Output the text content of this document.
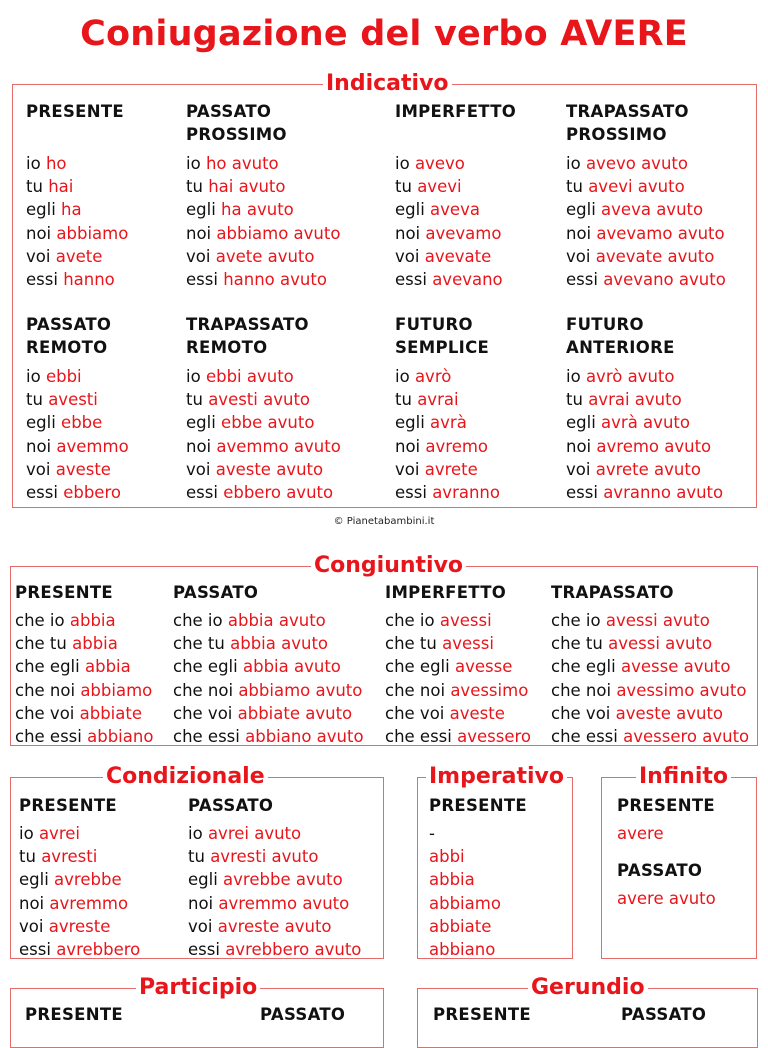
Coniugazione del verbo AVERE
Indicativo
PRESENTE
io ho
tu hai
egli ha
noi abbiamo
voi avete
essi hanno
PASSATO
PROSSIMO
io ho avuto
tu hai avuto
egli ha avuto
noi abbiamo avuto
voi avete avuto
essi hanno avuto
IMPERFETTO
io avevo
tu avevi
egli aveva
noi avevamo
voi avevate
essi avevano
TRAPASSATO
PROSSIMO
io avevo avuto
tu avevi avuto
egli aveva avuto
noi avevamo avuto
voi avevate avuto
essi avevano avuto
PASSATO
REMOTO
io ebbi
tu avesti
egli ebbe
noi avemmo
voi aveste
essi ebbero
TRAPASSATO
REMOTO
io ebbi avuto
tu avesti avuto
egli ebbe avuto
noi avemmo avuto
voi aveste avuto
essi ebbero avuto
FUTURO
SEMPLICE
io avrò
tu avrai
egli avrà
noi avremo
voi avrete
essi avranno
FUTURO
ANTERIORE
io avrò avuto
tu avrai avuto
egli avrà avuto
noi avremo avuto
voi avrete avuto
essi avranno avuto
© Pianetabambini.it
Congiuntivo
PRESENTE
che io abbia
che tu abbia
che egli abbia
che noi abbiamo
che voi abbiate
che essi abbiano
PASSATO
che io abbia avuto
che tu abbia avuto
che egli abbia avuto
che noi abbiamo avuto
che voi abbiate avuto
che essi abbiano avuto
IMPERFETTO
che io avessi
che tu avessi
che egli avesse
che noi avessimo
che voi aveste
che essi avessero
TRAPASSATO
che io avessi avuto
che tu avessi avuto
che egli avesse avuto
che noi avessimo avuto
che voi aveste avuto
che essi avessero avuto
Condizionale
PRESENTE
io avrei
tu avresti
egli avrebbe
noi avremmo
voi avreste
essi avrebbero
PASSATO
io avrei avuto
tu avresti avuto
egli avrebbe avuto
noi avremmo avuto
voi avreste avuto
essi avrebbero avuto
Imperativo
PRESENTE
-
abbi
abbia
abbiamo
abbiate
abbiano
Infinito
PRESENTE
avere
PASSATO
avere avuto
Participio
PRESENTE	PASSATO
Gerundio
PRESENTE	PASSATO
